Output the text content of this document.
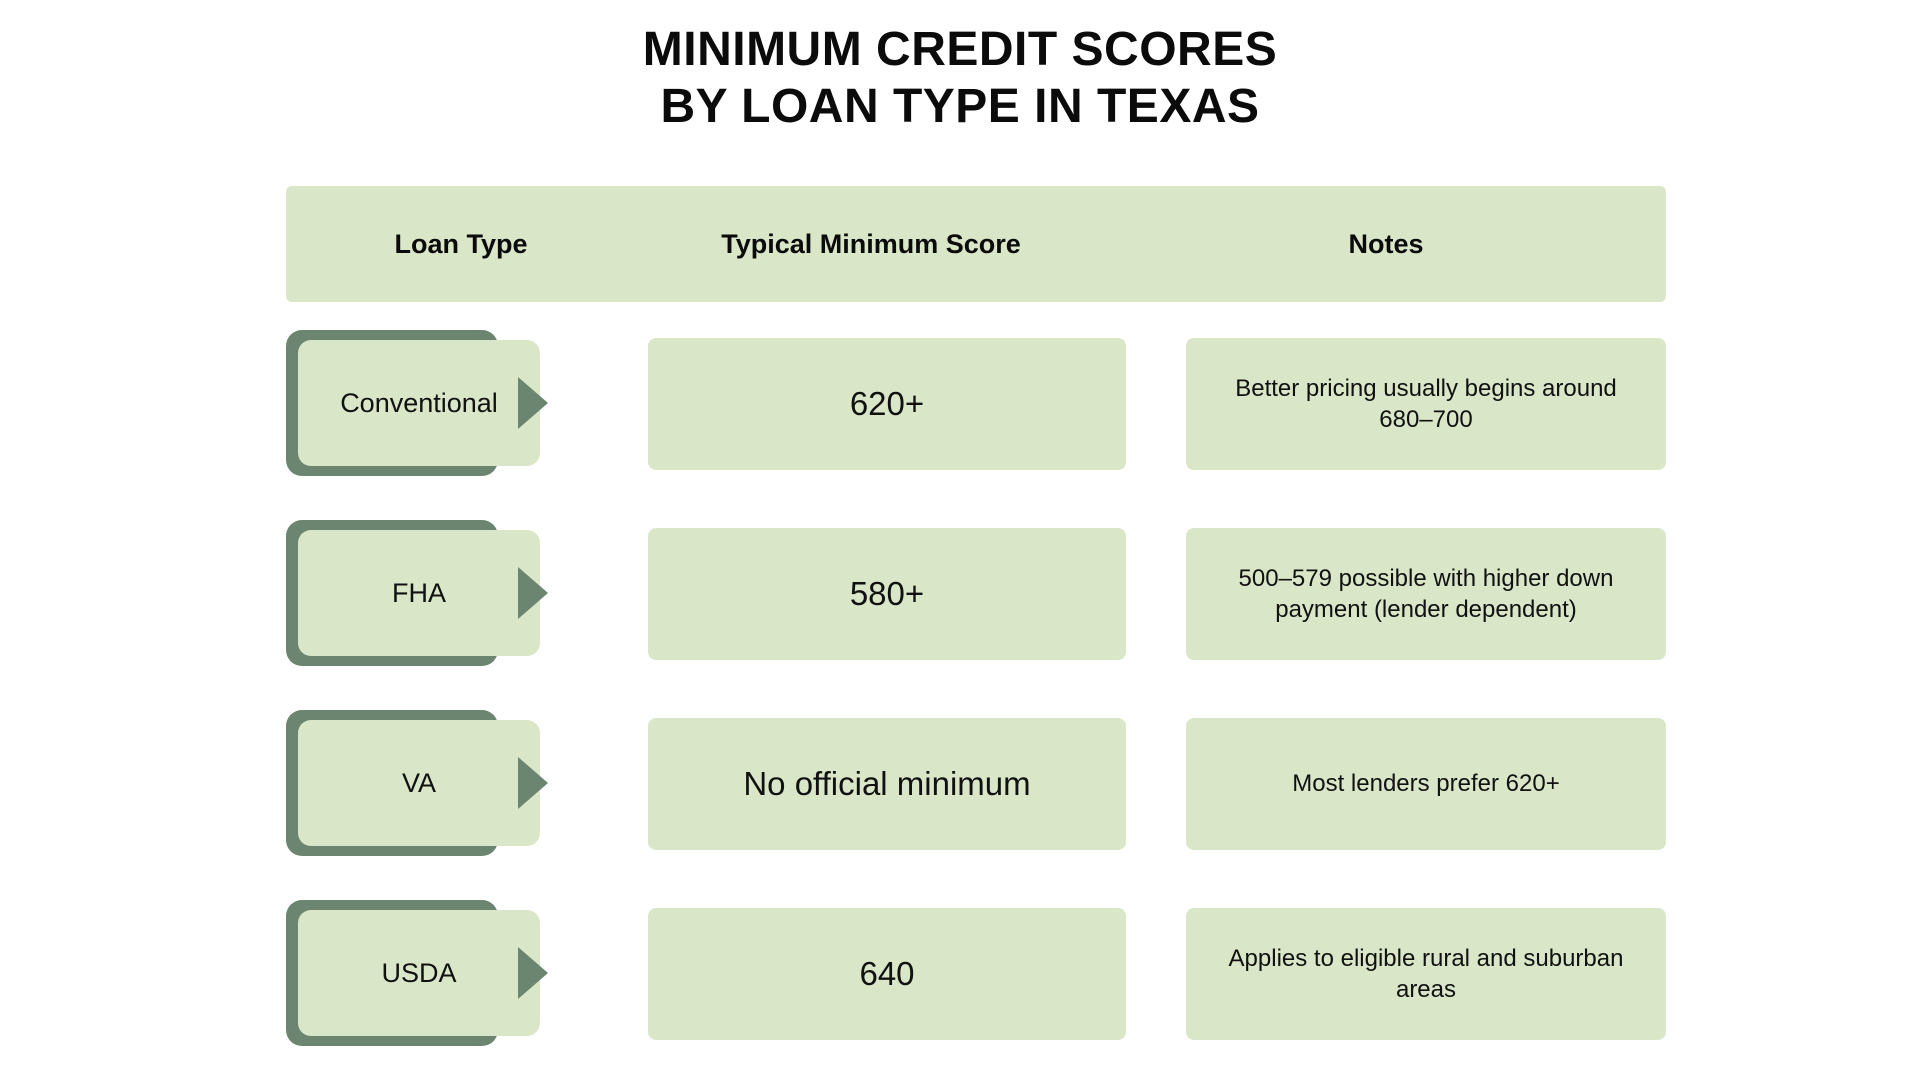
MINIMUM CREDIT SCORES
BY LOAN TYPE IN TEXAS
Loan Type	Typical Minimum Score	Notes
Conventional	620+	Better pricing usually begins around 680–700
FHA	580+	500–579 possible with higher down payment (lender dependent)
VA	No official minimum	Most lenders prefer 620+
USDA	640	Applies to eligible rural and suburban areas
